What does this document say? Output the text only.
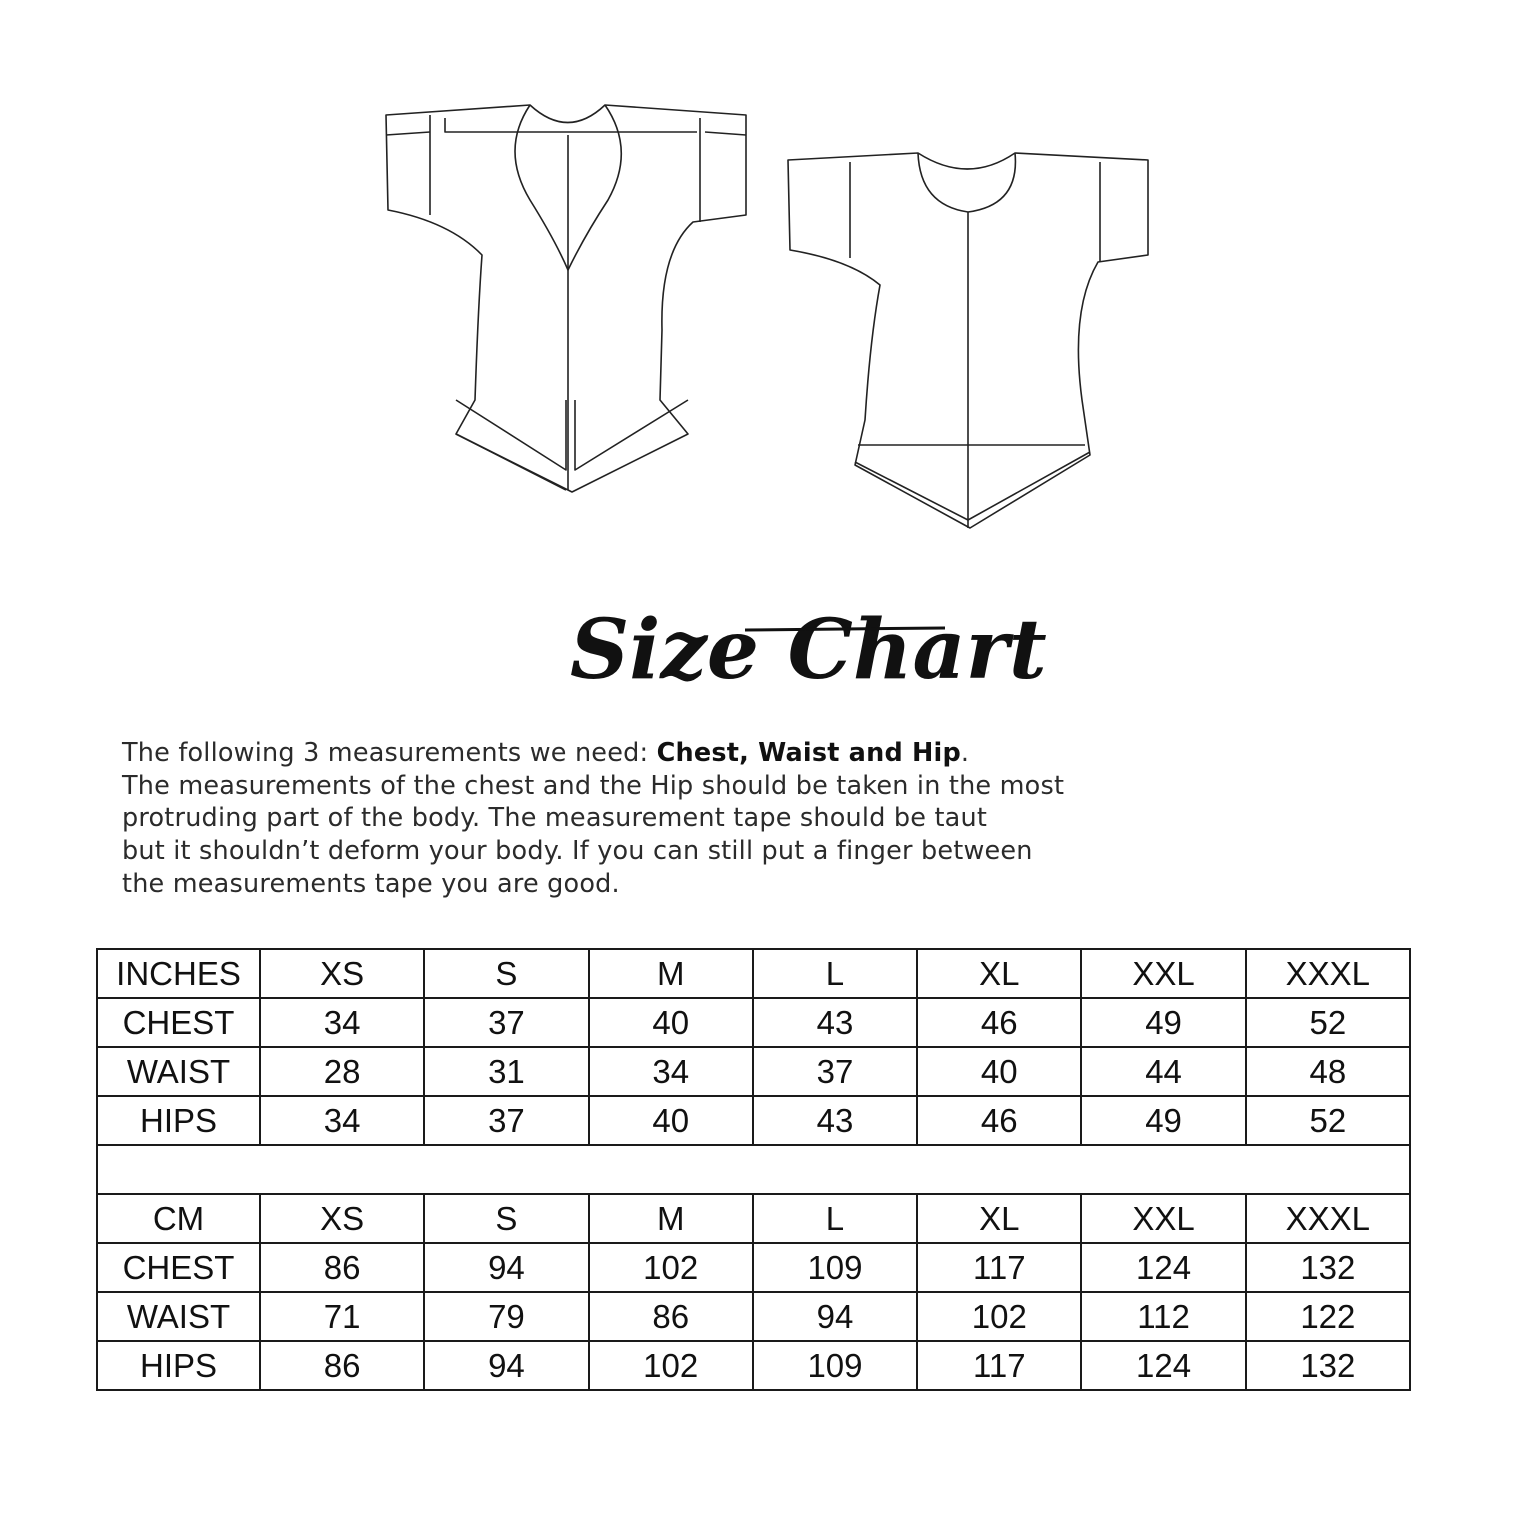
Size Chart

The following 3 measurements we need: Chest, Waist and Hip.

The measurements of the chest and the Hip should be taken in the most

protruding part of the body. The measurement tape should be taut

but it shouldn’t deform your body. If you can still put a finger between

the measurements tape you are good.

INCHES	XS	S	M	L	XL	XXL	XXXL
CHEST	34	37	40	43	46	49	52
WAIST	28	31	34	37	40	44	48
HIPS	34	37	40	43	46	49	52

CM	XS	S	M	L	XL	XXL	XXXL
CHEST	86	94	102	109	117	124	132
WAIST	71	79	86	94	102	112	122
HIPS	86	94	102	109	117	124	132
